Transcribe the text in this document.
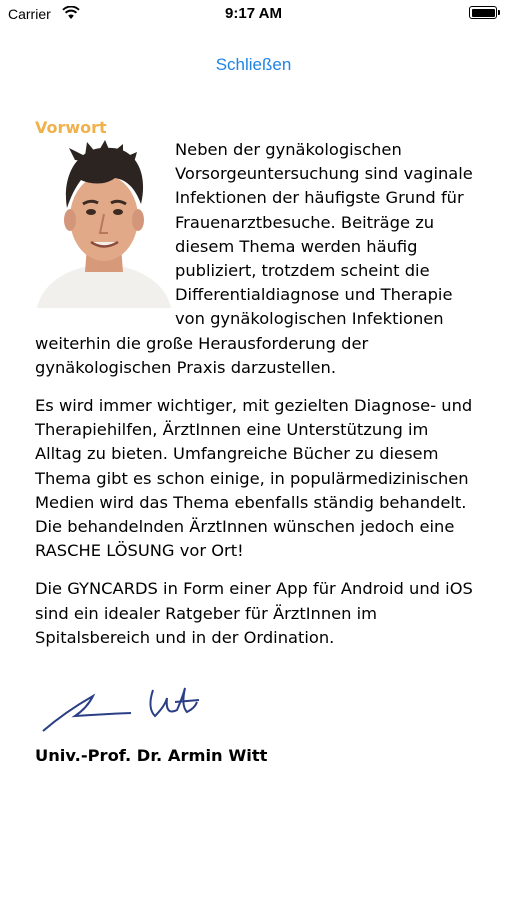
Carrier	9:17 AM
Schließen
Vorwort

Neben der gynäkologischen Vorsorgeuntersuchung sind vaginale Infektionen der häufigste Grund für Frauenarztbesuche. Beiträge zu diesem Thema werden häufig publiziert, trotzdem scheint die Differentialdiagnose und Therapie von gynäkologischen Infektionen weiterhin die große Herausforderung der gynäkologischen Praxis darzustellen.

Es wird immer wichtiger, mit gezielten Diagnose- und Therapiehilfen, ÄrztInnen eine Unterstützung im Alltag zu bieten. Umfangreiche Bücher zu diesem Thema gibt es schon einige, in populärmedizinischen Medien wird das Thema ebenfalls ständig behandelt. Die behandelnden ÄrztInnen wünschen jedoch eine RASCHE LÖSUNG vor Ort!

Die GYNCARDS in Form einer App für Android und iOS sind ein idealer Ratgeber für ÄrztInnen im Spitalsbereich und in der Ordination.

Univ.-Prof. Dr. Armin Witt
